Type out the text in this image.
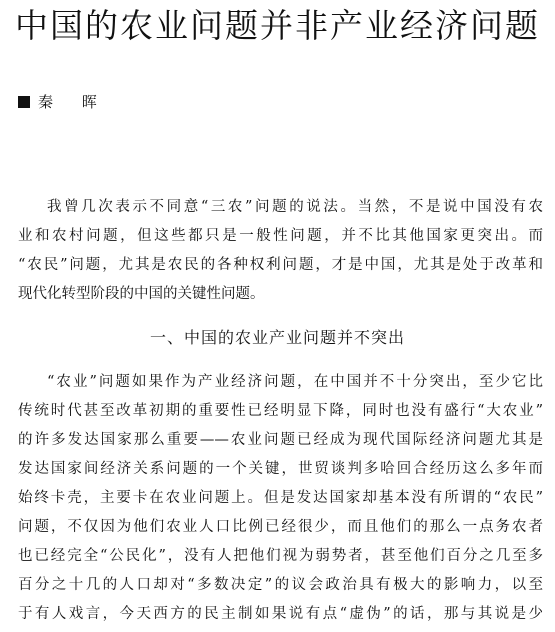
中国的农业问题并非产业经济问题
秦 晖

我曾几次表示不同意“三农”问题的说法。当然，不是说中国没有农
业和农村问题，但这些都只是一般性问题，并不比其他国家更突出。而
“农民”问题，尤其是农民的各种权利问题，才是中国，尤其是处于改革和
现代化转型阶段的中国的关键性问题。

一、中国的农业产业问题并不突出

“农业”问题如果作为产业经济问题，在中国并不十分突出，至少它比
传统时代甚至改革初期的重要性已经明显下降，同时也没有盛行“大农业”
的许多发达国家那么重要——农业问题已经成为现代国际经济问题尤其是
发达国家间经济关系问题的一个关键，世贸谈判多哈回合经历这么多年而
始终卡壳，主要卡在农业问题上。但是发达国家却基本没有所谓的“农民”
问题，不仅因为他们农业人口比例已经很少，而且他们的那么一点务农者
也已经完全“公民化”，没有人把他们视为弱势者，甚至他们百分之几至多
百分之十几的人口却对“多数决定”的议会政治具有极大的影响力，以至
于有人戏言，今天西方的民主制如果说有点“虚伪”的话，那与其说是少
